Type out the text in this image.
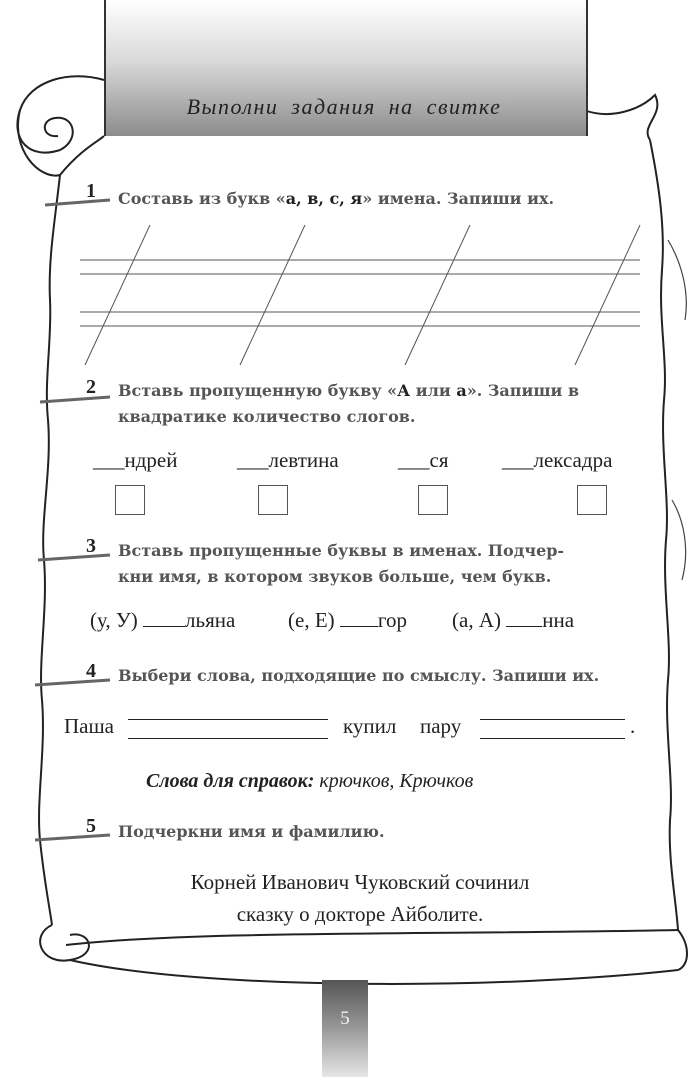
Выполни задания на свитке
1 Составь из букв «а, в, с, я» имена. Запиши их.
2 Вставь пропущенную букву «А или а». Запиши в
квадратике количество слогов.
___ндрей	___левтина	___ся	___лексадра
3 Вставь пропущенные буквы в именах. Подчер-
кни имя, в котором звуков больше, чем букв.
(у, У) льяна	(е, Е) гор (а, А) нна
4 Выбери слова, подходящие по смыслу. Запиши их.
Паша	купил пару	.
Слова для справок: крючков, Крючков
5 Подчеркни имя и фамилию.
Корней Иванович Чуковский сочинил
сказку о докторе Айболите.
5
